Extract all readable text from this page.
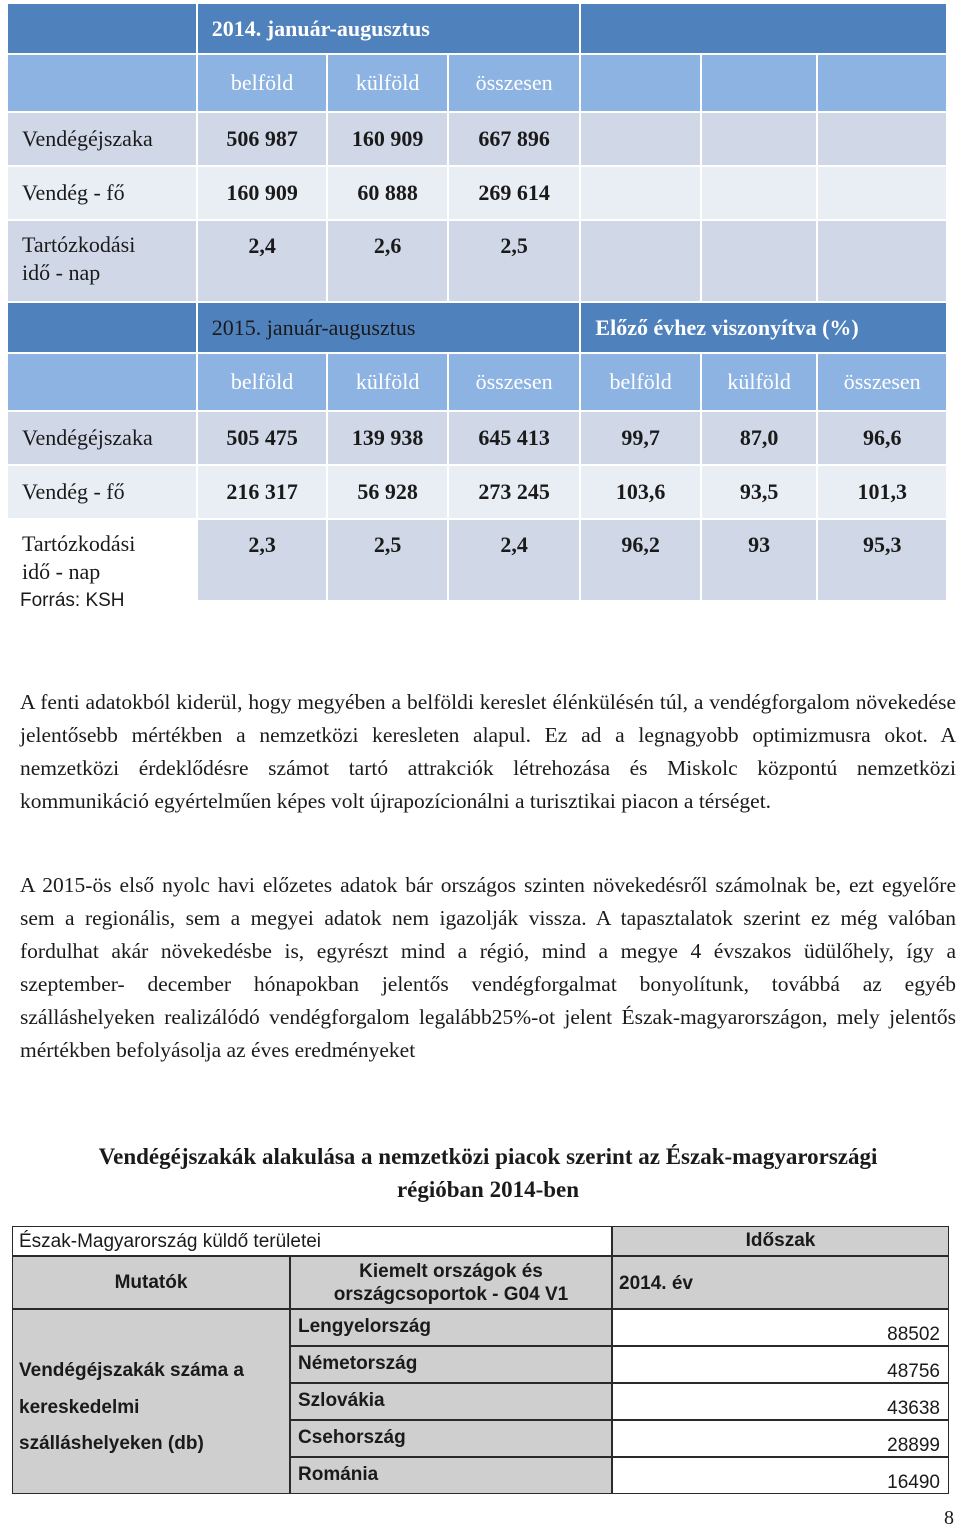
	2014. január-augusztus					
	belföld	külföld	összesen			
Vendégéjszaka	506 987	160 909	667 896			
Vendég - fő	160 909	60 888	269 614			

Tartózkodási
idő - nap	2,4	2,6	2,5			
	2015. január-augusztus			Előző évhez viszonyítva (%)		
	belföld	külföld	összesen	belföld	külföld	összesen
Vendégéjszaka	505 475	139 938	645 413	99,7	87,0	96,6
Vendég - fő	216 317	56 928	273 245	103,6	93,5	101,3

Tartózkodási
idő - nap	2,3	2,5	2,4	96,2	93	95,3
Forrás: KSH

A fenti adatokból kiderül, hogy megyében a belföldi kereslet élénkülésén túl, a vendégforgalom növekedése jelentősebb mértékben a nemzetközi keresleten alapul. Ez ad a legnagyobb optimizmusra okot. A nemzetközi érdeklődésre számot tartó attrakciók létrehozása és Miskolc központú nemzetközi kommunikáció egyértelműen képes volt újrapozícionálni a turisztikai piacon a térséget.

A 2015-ös első nyolc havi előzetes adatok bár országos szinten növekedésről számolnak be, ezt egyelőre sem a regionális, sem a megyei adatok nem igazolják vissza. A tapasztalatok szerint ez még valóban fordulhat akár növekedésbe is, egyrészt mind a régió, mind a megye 4 évszakos üdülőhely, így a szeptember- december hónapokban jelentős vendégforgalmat bonyolítunk, továbbá az egyéb szálláshelyeken realizálódó vendégforgalom legalább25%-ot jelent Észak-magyarországon, mely jelentős mértékben befolyásolja az éves eredményeket

Vendégéjszakák alakulása a nemzetközi piacok szerint az Észak-magyarországi
régióban 2014-ben
Észak-Magyarország küldő területei	Időszak
Mutatók
Kiemelt országok és
országcsoportok - G04 V1	2014. év
Vendégéjszakák száma a
kereskedelmi
szálláshelyeken (db)
Lengyelország	88502
Németország	48756
Szlovákia	43638
Csehország	28899
Románia	16490
8
